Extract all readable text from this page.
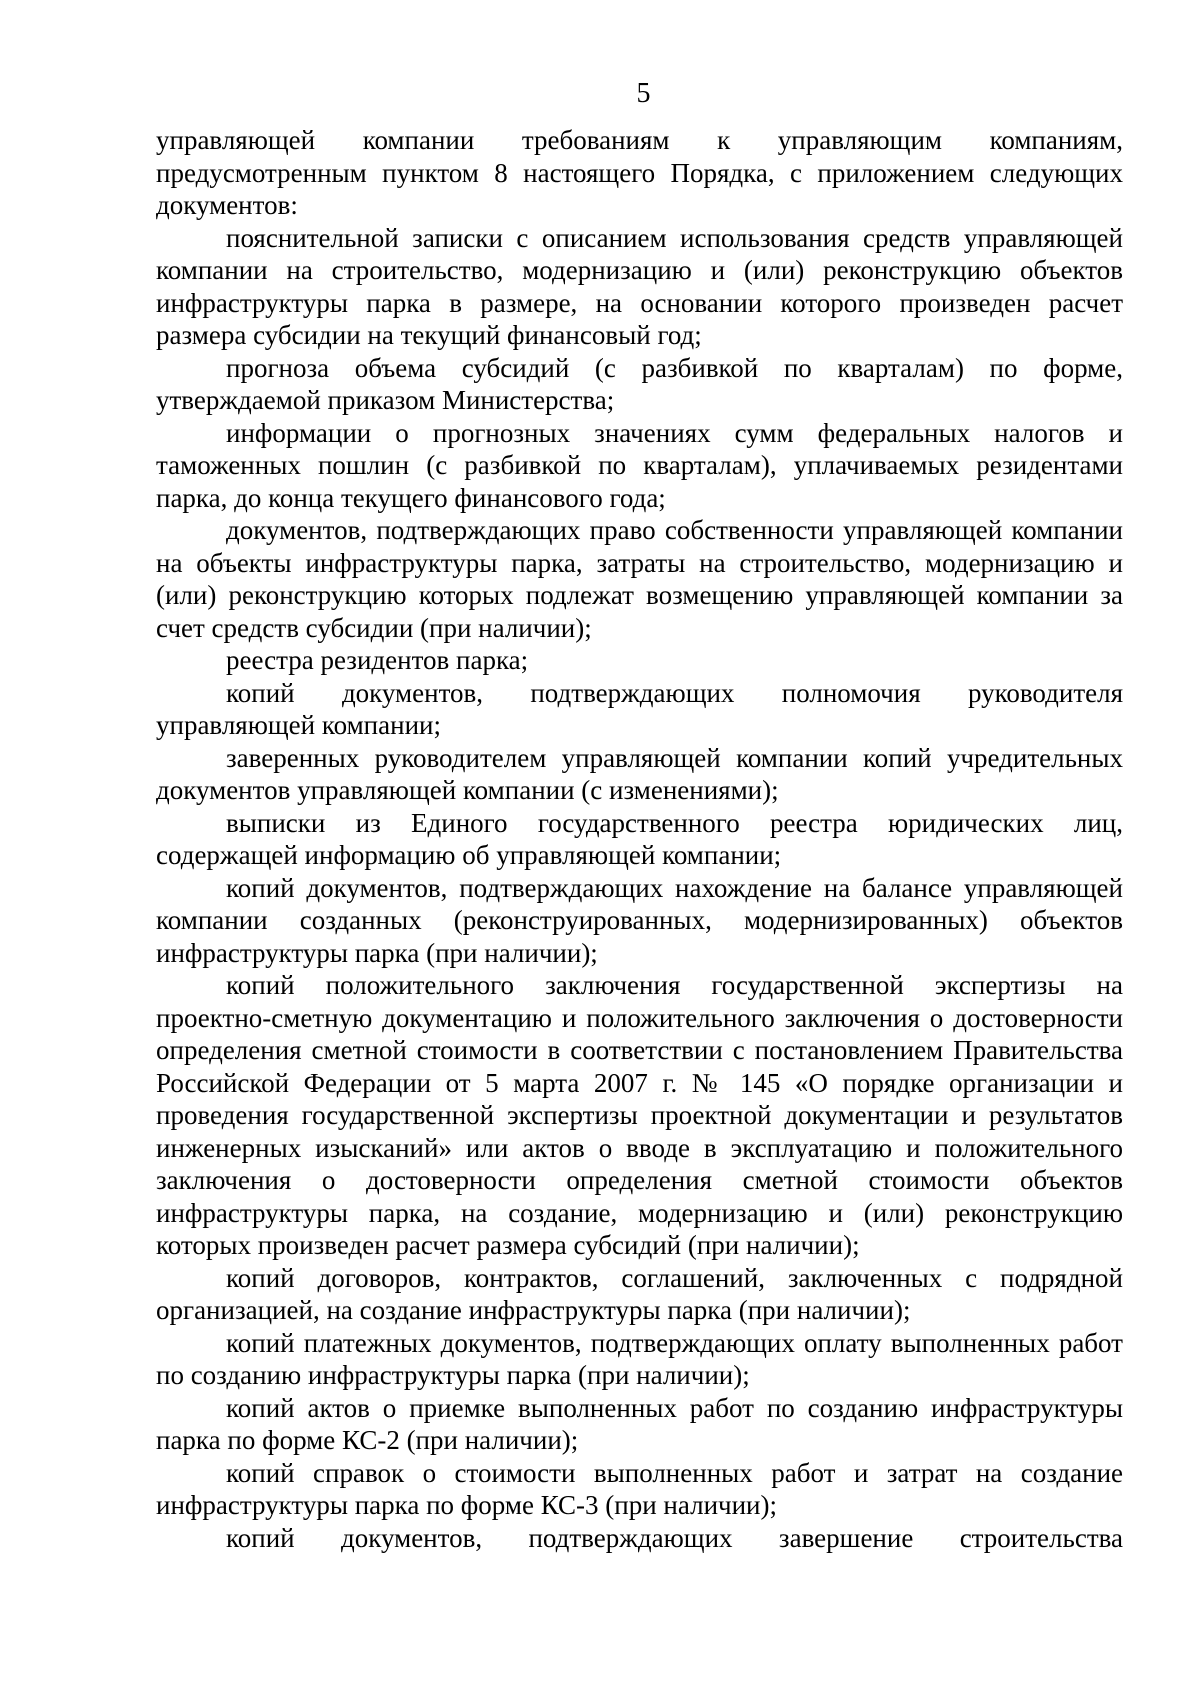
5

управляющей компании требованиям к управляющим компаниям, предусмотренным пунктом 8 настоящего Порядка, с приложением следующих документов:

пояснительной записки с описанием использования средств управляющей компании на строительство, модернизацию и (или) реконструкцию объектов инфраструктуры парка в размере, на основании которого произведен расчет размера субсидии на текущий финансовый год;

прогноза объема субсидий (с разбивкой по кварталам) по форме, утверждаемой приказом Министерства;

информации о прогнозных значениях сумм федеральных налогов и таможенных пошлин (с разбивкой по кварталам), уплачиваемых резидентами парка, до конца текущего финансового года;

документов, подтверждающих право собственности управляющей компании на объекты инфраструктуры парка, затраты на строительство, модернизацию и (или) реконструкцию которых подлежат возмещению управляющей компании за счет средств субсидии (при наличии);

реестра резидентов парка;

копий документов, подтверждающих полномочия руководителя управляющей компании;

заверенных руководителем управляющей компании копий учредительных документов управляющей компании (с изменениями);

выписки из Единого государственного реестра юридических лиц, содержащей информацию об управляющей компании;

копий документов, подтверждающих нахождение на балансе управляющей компании созданных (реконструированных, модернизированных) объектов инфраструктуры парка (при наличии);

копий положительного заключения государственной экспертизы на проектно-сметную документацию и положительного заключения о достоверности определения сметной стоимости в соответствии с постановлением Правительства Российской Федерации от 5 марта 2007 г. № 145 «О порядке организации и проведения государственной экспертизы проектной документации и результатов инженерных изысканий» или актов о вводе в эксплуатацию и положительного заключения о достоверности определения сметной стоимости объектов инфраструктуры парка, на создание, модернизацию и (или) реконструкцию которых произведен расчет размера субсидий (при наличии);

копий договоров, контрактов, соглашений, заключенных с подрядной организацией, на создание инфраструктуры парка (при наличии);

копий платежных документов, подтверждающих оплату выполненных работ по созданию инфраструктуры парка (при наличии);

копий актов о приемке выполненных работ по созданию инфраструктуры парка по форме КС-2 (при наличии);

копий справок о стоимости выполненных работ и затрат на создание инфраструктуры парка по форме КС-3 (при наличии);

копий документов, подтверждающих завершение строительства
